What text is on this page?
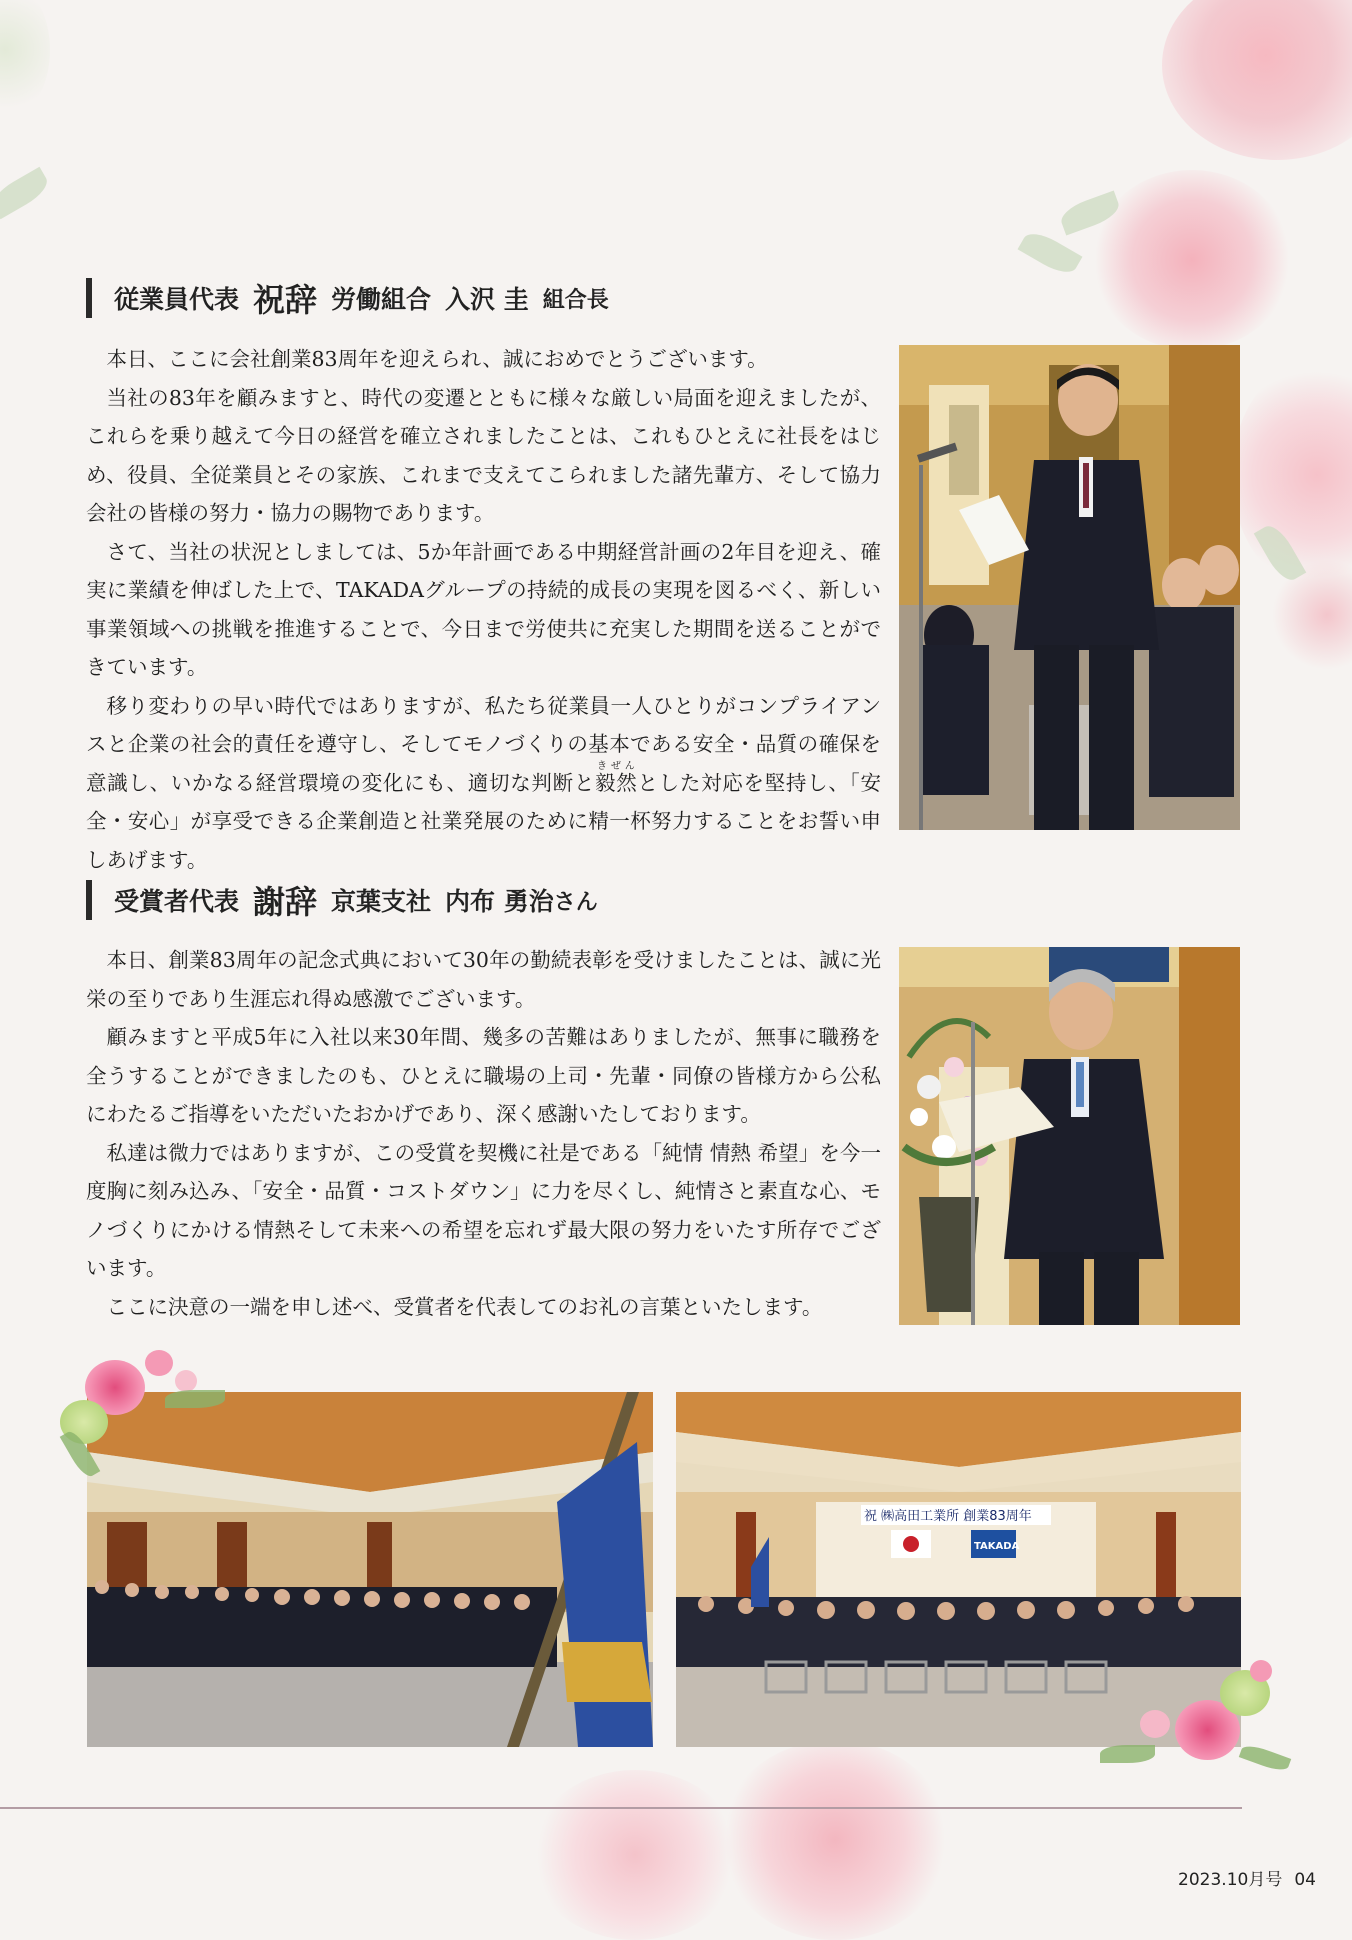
従業員代表 祝辞 労働組合 入沢 圭 組合長

本日、ここに会社創業83周年を迎えられ、誠におめでとうございます。

当社の83年を顧みますと、時代の変遷とともに様々な厳しい局面を迎えましたが、これらを乗り越えて今日の経営を確立されましたことは、これもひとえに社長をはじめ、役員、全従業員とその家族、これまで支えてこられました諸先輩方、そして協力会社の皆様の努力・協力の賜物であります。

さて、当社の状況としましては、5か年計画である中期経営計画の2年目を迎え、確実に業績を伸ばした上で、TAKADAグループの持続的成長の実現を図るべく、新しい事業領域への挑戦を推進することで、今日まで労使共に充実した期間を送ることができています。

移り変わりの早い時代ではありますが、私たち従業員一人ひとりがコンプライアンスと企業の社会的責任を遵守し、そしてモノづくりの基本である安全・品質の確保を意識し、いかなる経営環境の変化にも、適切な判断と毅然きぜんとした対応を堅持し、「安全・安心」が享受できる企業創造と社業発展のために精一杯努力することをお誓い申しあげます。

受賞者代表 謝辞 京葉支社 内布 勇治 さん

本日、創業83周年の記念式典において30年の勤続表彰を受けましたことは、誠に光栄の至りであり生涯忘れ得ぬ感激でございます。

顧みますと平成5年に入社以来30年間、幾多の苦難はありましたが、無事に職務を全うすることができましたのも、ひとえに職場の上司・先輩・同僚の皆様方から公私にわたるご指導をいただいたおかげであり、深く感謝いたしております。

私達は微力ではありますが、この受賞を契機に社是である「純情 情熱 希望」を今一度胸に刻み込み、「安全・品質・コストダウン」に力を尽くし、純情さと素直な心、モノづくりにかける情熱そして未来への希望を忘れず最大限の努力をいたす所存でございます。

ここに決意の一端を申し述べ、受賞者を代表してのお礼の言葉といたします。

祝 ㈱高田工業所 創業83周年
TAKADA
2023.10月号 04
